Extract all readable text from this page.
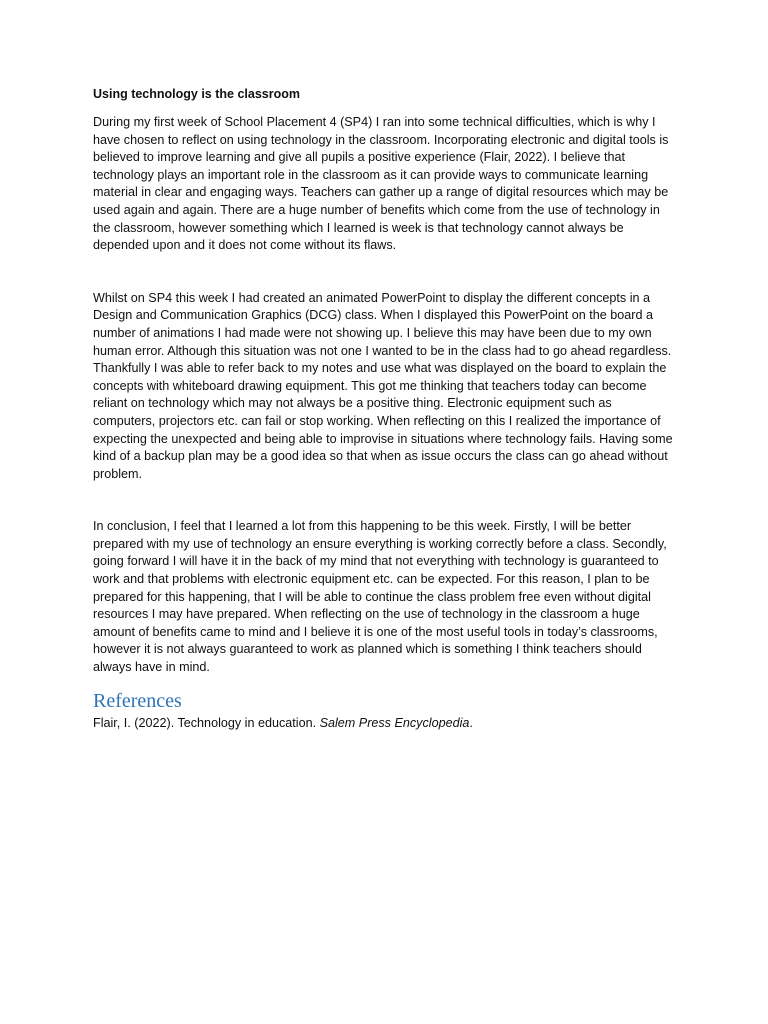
Using technology is the classroom

During my first week of School Placement 4 (SP4) I ran into some technical difficulties, which is why I have chosen to reflect on using technology in the classroom. Incorporating electronic and digital tools is believed to improve learning and give all pupils a positive experience (Flair, 2022). I believe that technology plays an important role in the classroom as it can provide ways to communicate learning material in clear and engaging ways. Teachers can gather up a range of digital resources which may be used again and again. There are a huge number of benefits which come from the use of technology in the classroom, however something which I learned is week is that technology cannot always be depended upon and it does not come without its flaws.

Whilst on SP4 this week I had created an animated PowerPoint to display the different concepts in a Design and Communication Graphics (DCG) class. When I displayed this PowerPoint on the board a number of animations I had made were not showing up. I believe this may have been due to my own human error. Although this situation was not one I wanted to be in the class had to go ahead regardless. Thankfully I was able to refer back to my notes and use what was displayed on the board to explain the concepts with whiteboard drawing equipment. This got me thinking that teachers today can become reliant on technology which may not always be a positive thing. Electronic equipment such as computers, projectors etc. can fail or stop working. When reflecting on this I realized the importance of expecting the unexpected and being able to improvise in situations where technology fails. Having some kind of a backup plan may be a good idea so that when as issue occurs the class can go ahead without problem.

In conclusion, I feel that I learned a lot from this happening to be this week. Firstly, I will be better prepared with my use of technology an ensure everything is working correctly before a class. Secondly, going forward I will have it in the back of my mind that not everything with technology is guaranteed to work and that problems with electronic equipment etc. can be expected. For this reason, I plan to be prepared for this happening, that I will be able to continue the class problem free even without digital resources I may have prepared. When reflecting on the use of technology in the classroom a huge amount of benefits came to mind and I believe it is one of the most useful tools in today’s classrooms, however it is not always guaranteed to work as planned which is something I think teachers should always have in mind.

References

Flair, I. (2022). Technology in education. Salem Press Encyclopedia.
